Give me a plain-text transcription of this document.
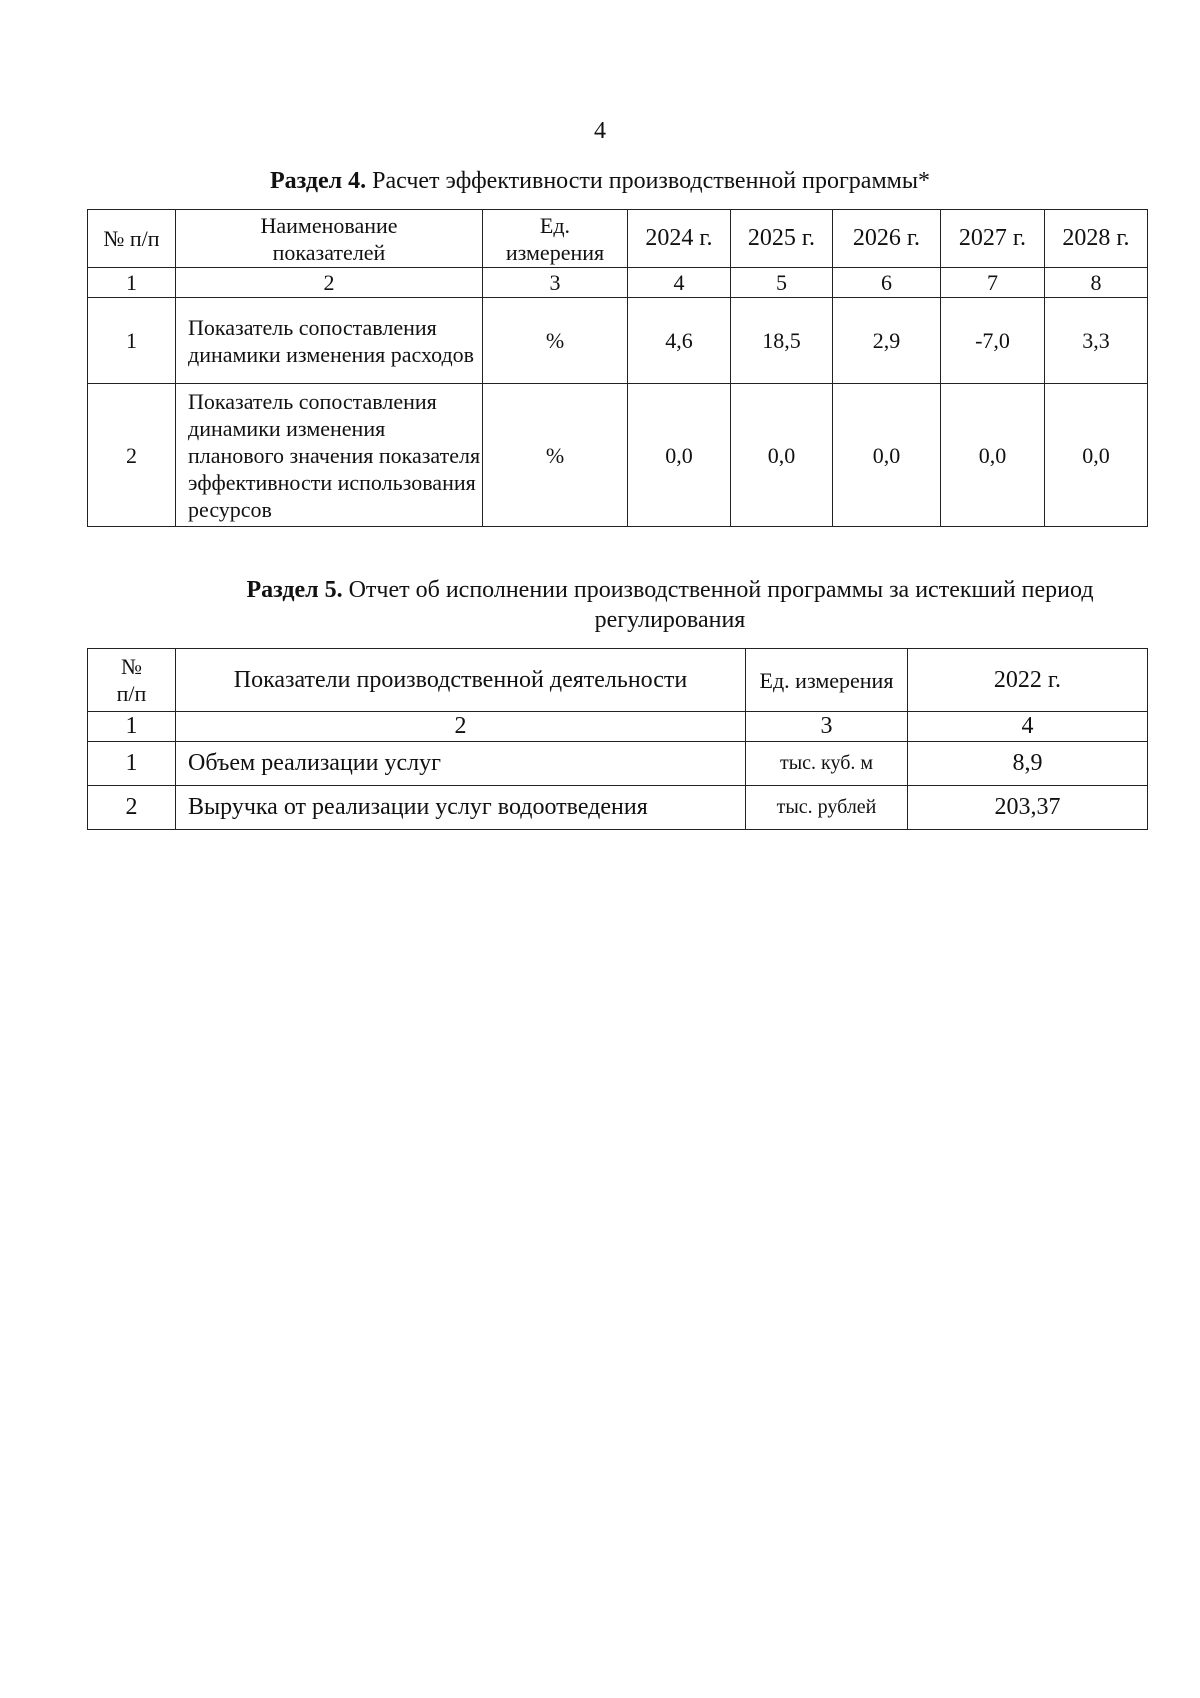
4
Раздел 4. Расчет эффективности производственной программы*
№ п/п	Наименование показателей	Ед. измерения	2024 г.	2025 г.	2026 г.	2027 г.	2028 г.
1	2	3	4	5	6	7	8
1	Показатель сопоставления динамики изменения расходов	%	4,6	18,5	2,9	-7,0	3,3
2	Показатель сопоставления динамики изменения планового значения показателя эффективности использования ресурсов	%	0,0	0,0	0,0	0,0	0,0
Раздел 5. Отчет об исполнении производственной программы за истекший период регулирования
№ п/п	Показатели производственной деятельности	Ед. измерения	2022 г.
1	2	3	4
1	Объем реализации услуг	тыс. куб. м	8,9
2	Выручка от реализации услуг водоотведения	тыс. рублей	203,37
